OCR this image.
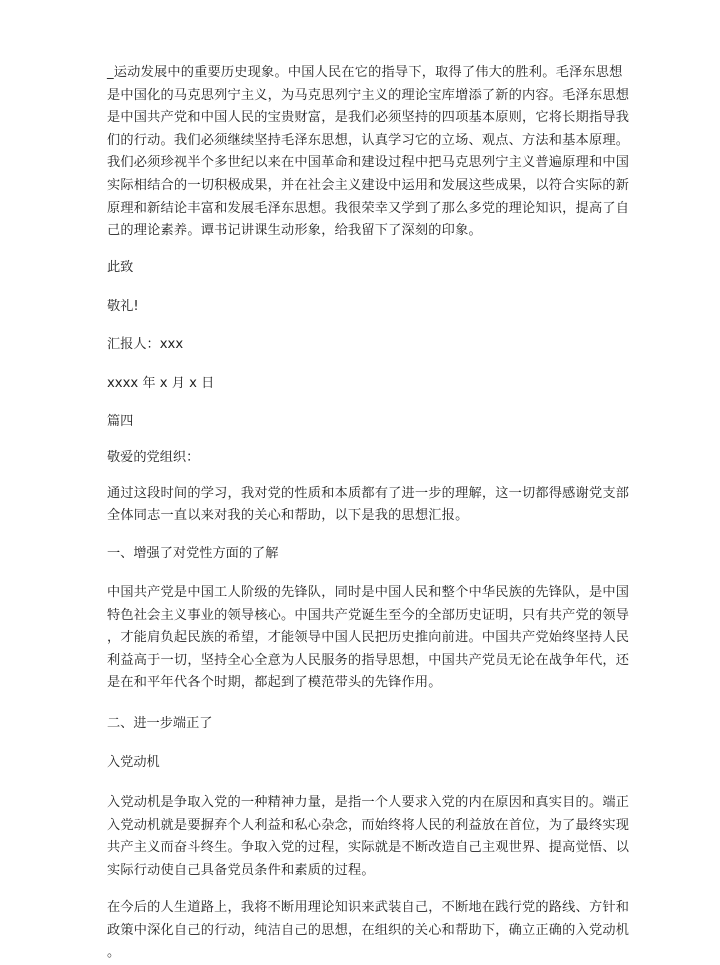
_运动发展中的重要历史现象。中国人民在它的指导下，取得了伟大的胜利。毛泽东思想
是中国化的马克思列宁主义，为马克思列宁主义的理论宝库增添了新的内容。毛泽东思想
是中国共产党和中国人民的宝贵财富，是我们必须坚持的四项基本原则，它将长期指导我
们的行动。我们必须继续坚持毛泽东思想，认真学习它的立场、观点、方法和基本原理。
我们必须珍视半个多世纪以来在中国革命和建设过程中把马克思列宁主义普遍原理和中国
实际相结合的一切积极成果，并在社会主义建设中运用和发展这些成果，以符合实际的新
原理和新结论丰富和发展毛泽东思想。我很荣幸又学到了那么多党的理论知识，提高了自
己的理论素养。谭书记讲课生动形象，给我留下了深刻的印象。

此致

敬礼!

汇报人：xxx

xxxx 年 x 月 x 日

篇四

敬爱的党组织：

通过这段时间的学习，我对党的性质和本质都有了进一步的理解，这一切都得感谢党支部
全体同志一直以来对我的关心和帮助，以下是我的思想汇报。

一、增强了对党性方面的了解

中国共产党是中国工人阶级的先锋队，同时是中国人民和整个中华民族的先锋队，是中国
特色社会主义事业的领导核心。中国共产党诞生至今的全部历史证明，只有共产党的领导
，才能肩负起民族的希望，才能领导中国人民把历史推向前进。中国共产党始终坚持人民
利益高于一切，坚持全心全意为人民服务的指导思想，中国共产党员无论在战争年代，还
是在和平年代各个时期，都起到了模范带头的先锋作用。

二、进一步端正了

入党动机

入党动机是争取入党的一种精神力量，是指一个人要求入党的内在原因和真实目的。端正
入党动机就是要摒弃个人利益和私心杂念，而始终将人民的利益放在首位，为了最终实现
共产主义而奋斗终生。争取入党的过程，实际就是不断改造自己主观世界、提高觉悟、以
实际行动使自己具备党员条件和素质的过程。

在今后的人生道路上，我将不断用理论知识来武装自己，不断地在践行党的路线、方针和
政策中深化自己的行动，纯洁自己的思想，在组织的关心和帮助下，确立正确的入党动机
。
